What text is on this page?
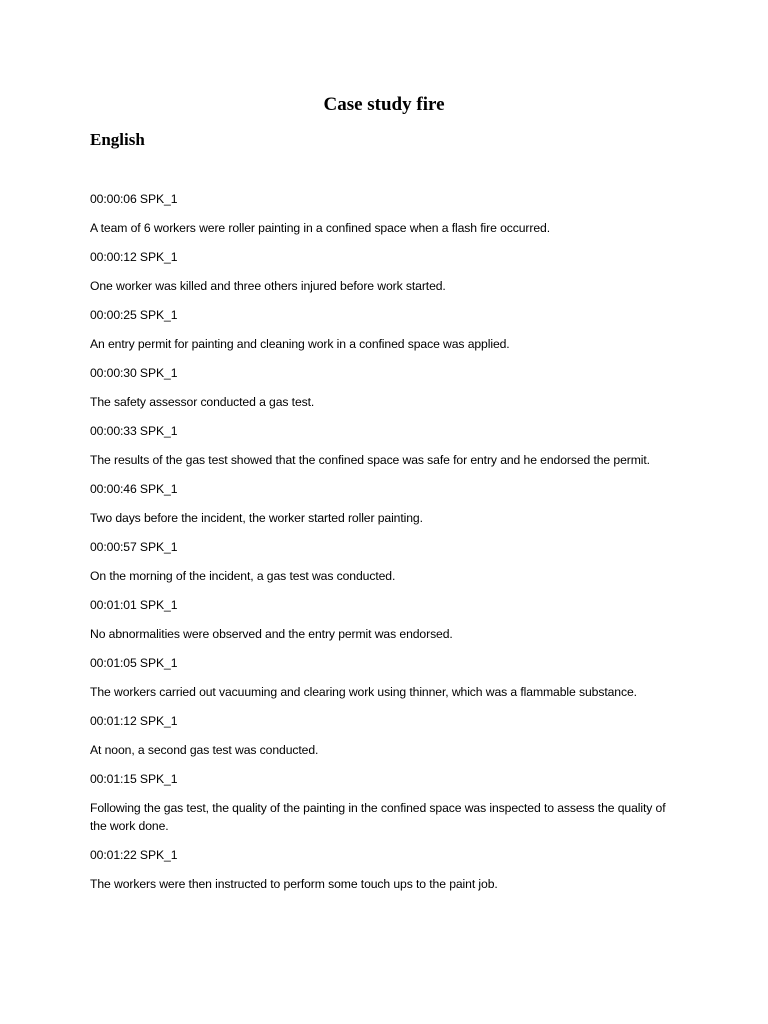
Case study fire
English

00:00:06 SPK_1

A team of 6 workers were roller painting in a confined space when a flash fire occurred.

00:00:12 SPK_1

One worker was killed and three others injured before work started.

00:00:25 SPK_1

An entry permit for painting and cleaning work in a confined space was applied.

00:00:30 SPK_1

The safety assessor conducted a gas test.

00:00:33 SPK_1

The results of the gas test showed that the confined space was safe for entry and he endorsed the permit.

00:00:46 SPK_1

Two days before the incident, the worker started roller painting.

00:00:57 SPK_1

On the morning of the incident, a gas test was conducted.

00:01:01 SPK_1

No abnormalities were observed and the entry permit was endorsed.

00:01:05 SPK_1

The workers carried out vacuuming and clearing work using thinner, which was a flammable substance.

00:01:12 SPK_1

At noon, a second gas test was conducted.

00:01:15 SPK_1

Following the gas test, the quality of the painting in the confined space was inspected to assess the quality of the work done.

00:01:22 SPK_1

The workers were then instructed to perform some touch ups to the paint job.
